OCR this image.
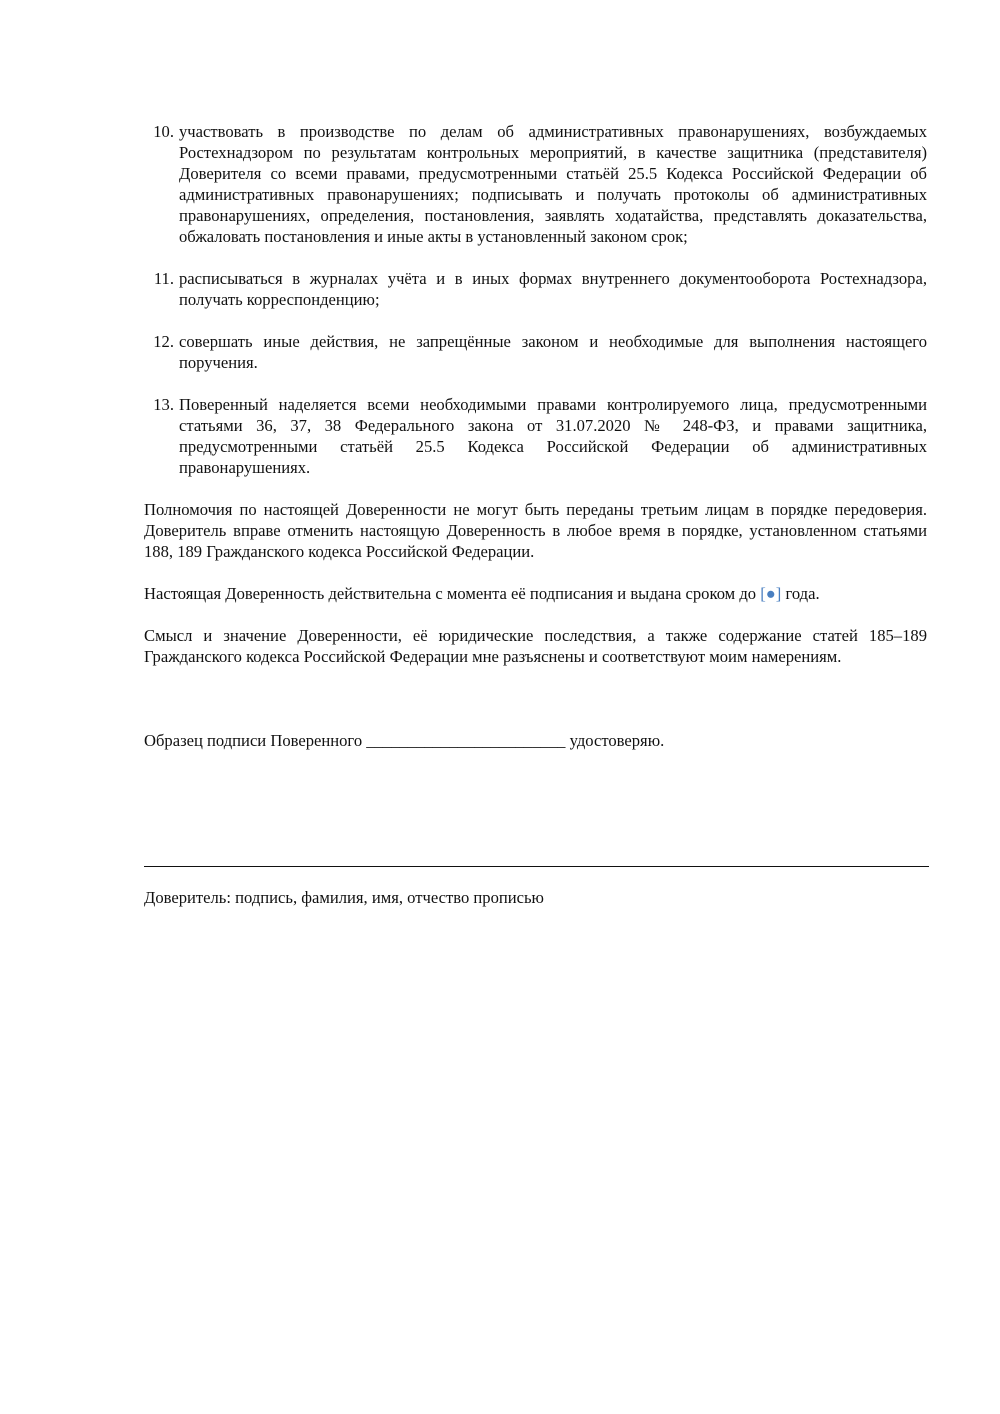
10. участвовать в производстве по делам об административных правонарушениях, возбуждаемых Ростехнадзором по результатам контрольных мероприятий, в качестве защитника (представителя) Доверителя со всеми правами, предусмотренными статьёй 25.5 Кодекса Российской Федерации об административных правонарушениях; подписывать и получать протоколы об административных правонарушениях, определения, постановления, заявлять ходатайства, представлять доказательства, обжаловать постановления и иные акты в установленный законом срок;
11. расписываться в журналах учёта и в иных формах внутреннего документооборота Ростехнадзора, получать корреспонденцию;
12. совершать иные действия, не запрещённые законом и необходимые для выполнения настоящего поручения.
13. Поверенный наделяется всеми необходимыми правами контролируемого лица, предусмотренными статьями 36, 37, 38 Федерального закона от 31.07.2020 № 248-ФЗ, и правами защитника, предусмотренными статьёй 25.5 Кодекса Российской Федерации об административных правонарушениях.

Полномочия по настоящей Доверенности не могут быть переданы третьим лицам в порядке передоверия. Доверитель вправе отменить настоящую Доверенность в любое время в порядке, установленном статьями 188, 189 Гражданского кодекса Российской Федерации.

Настоящая Доверенность действительна с момента её подписания и выдана сроком до [●] года.

Смысл и значение Доверенности, её юридические последствия, а также содержание статей 185–189 Гражданского кодекса Российской Федерации мне разъяснены и соответствуют моим намерениям.

Образец подписи Поверенного ________________________ удостоверяю.

Доверитель: подпись, фамилия, имя, отчество прописью
